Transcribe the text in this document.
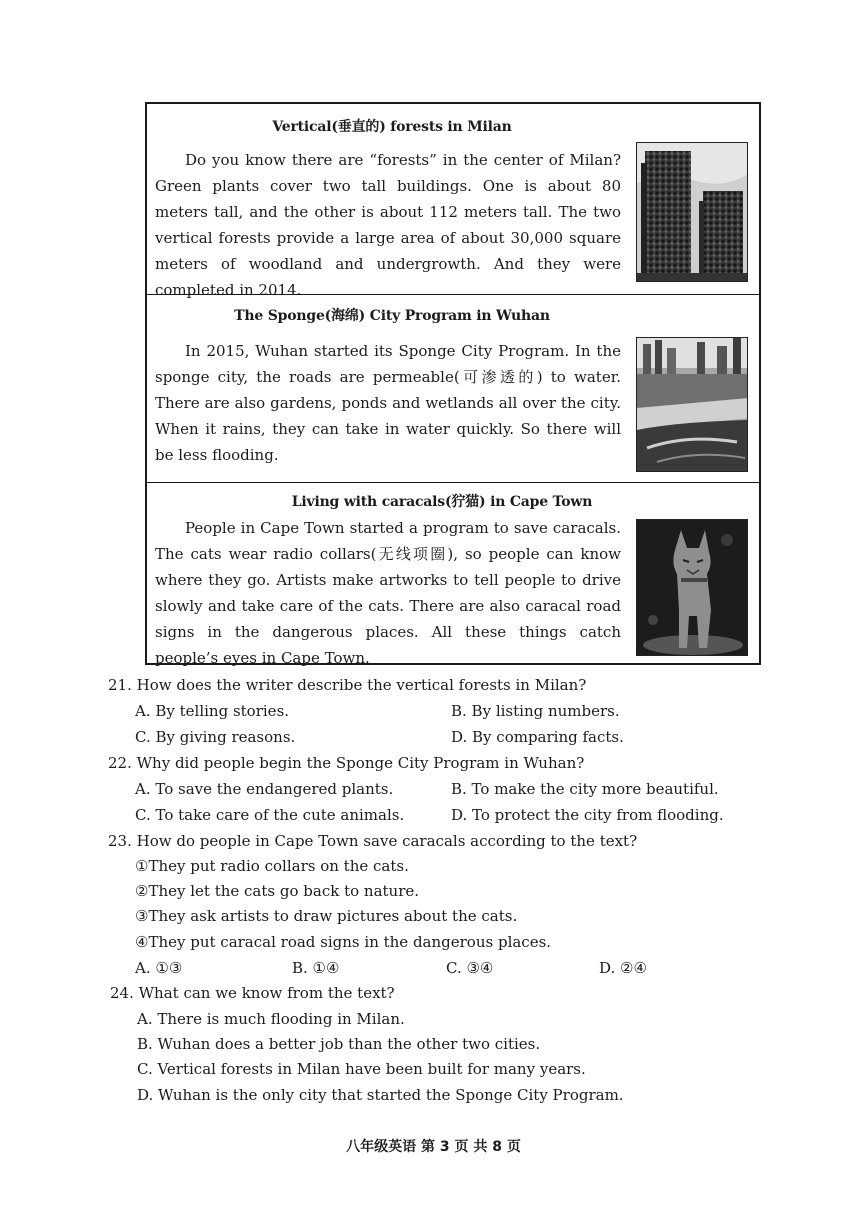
Vertical(垂直的) forests in Milan
Do you know there are “forests” in the center of Milan? Green plants cover two tall buildings. One is about 80 meters tall, and the other is about 112 meters tall. The two vertical forests provide a large area of about 30,000 square meters of woodland and undergrowth. And they were completed in 2014.
The Sponge(海绵) City Program in Wuhan
In 2015, Wuhan started its Sponge City Program. In the sponge city, the roads are permeable(可渗透的) to water. There are also gardens, ponds and wetlands all over the city. When it rains, they can take in water quickly. So there will be less flooding.
Living with caracals(狞猫) in Cape Town
People in Cape Town started a program to save caracals. The cats wear radio collars(无线项圈), so people can know where they go. Artists make artworks to tell people to drive slowly and take care of the cats. There are also caracal road signs in the dangerous places. All these things catch people’s eyes in Cape Town.
21. How does the writer describe the vertical forests in Milan?
A. By telling stories.	B. By listing numbers.
C. By giving reasons.	D. By comparing facts.
22. Why did people begin the Sponge City Program in Wuhan?
A. To save the endangered plants.	B. To make the city more beautiful.
C. To take care of the cute animals.	D. To protect the city from flooding.
23. How do people in Cape Town save caracals according to the text?
①They put radio collars on the cats.
②They let the cats go back to nature.
③They ask artists to draw pictures about the cats.
④They put caracal road signs in the dangerous places.
A. ①③	B. ①④	C. ③④	D. ②④
24. What can we know from the text?
A. There is much flooding in Milan.
B. Wuhan does a better job than the other two cities.
C. Vertical forests in Milan have been built for many years.
D. Wuhan is the only city that started the Sponge City Program.
八年级英语 第 3 页 共 8 页
